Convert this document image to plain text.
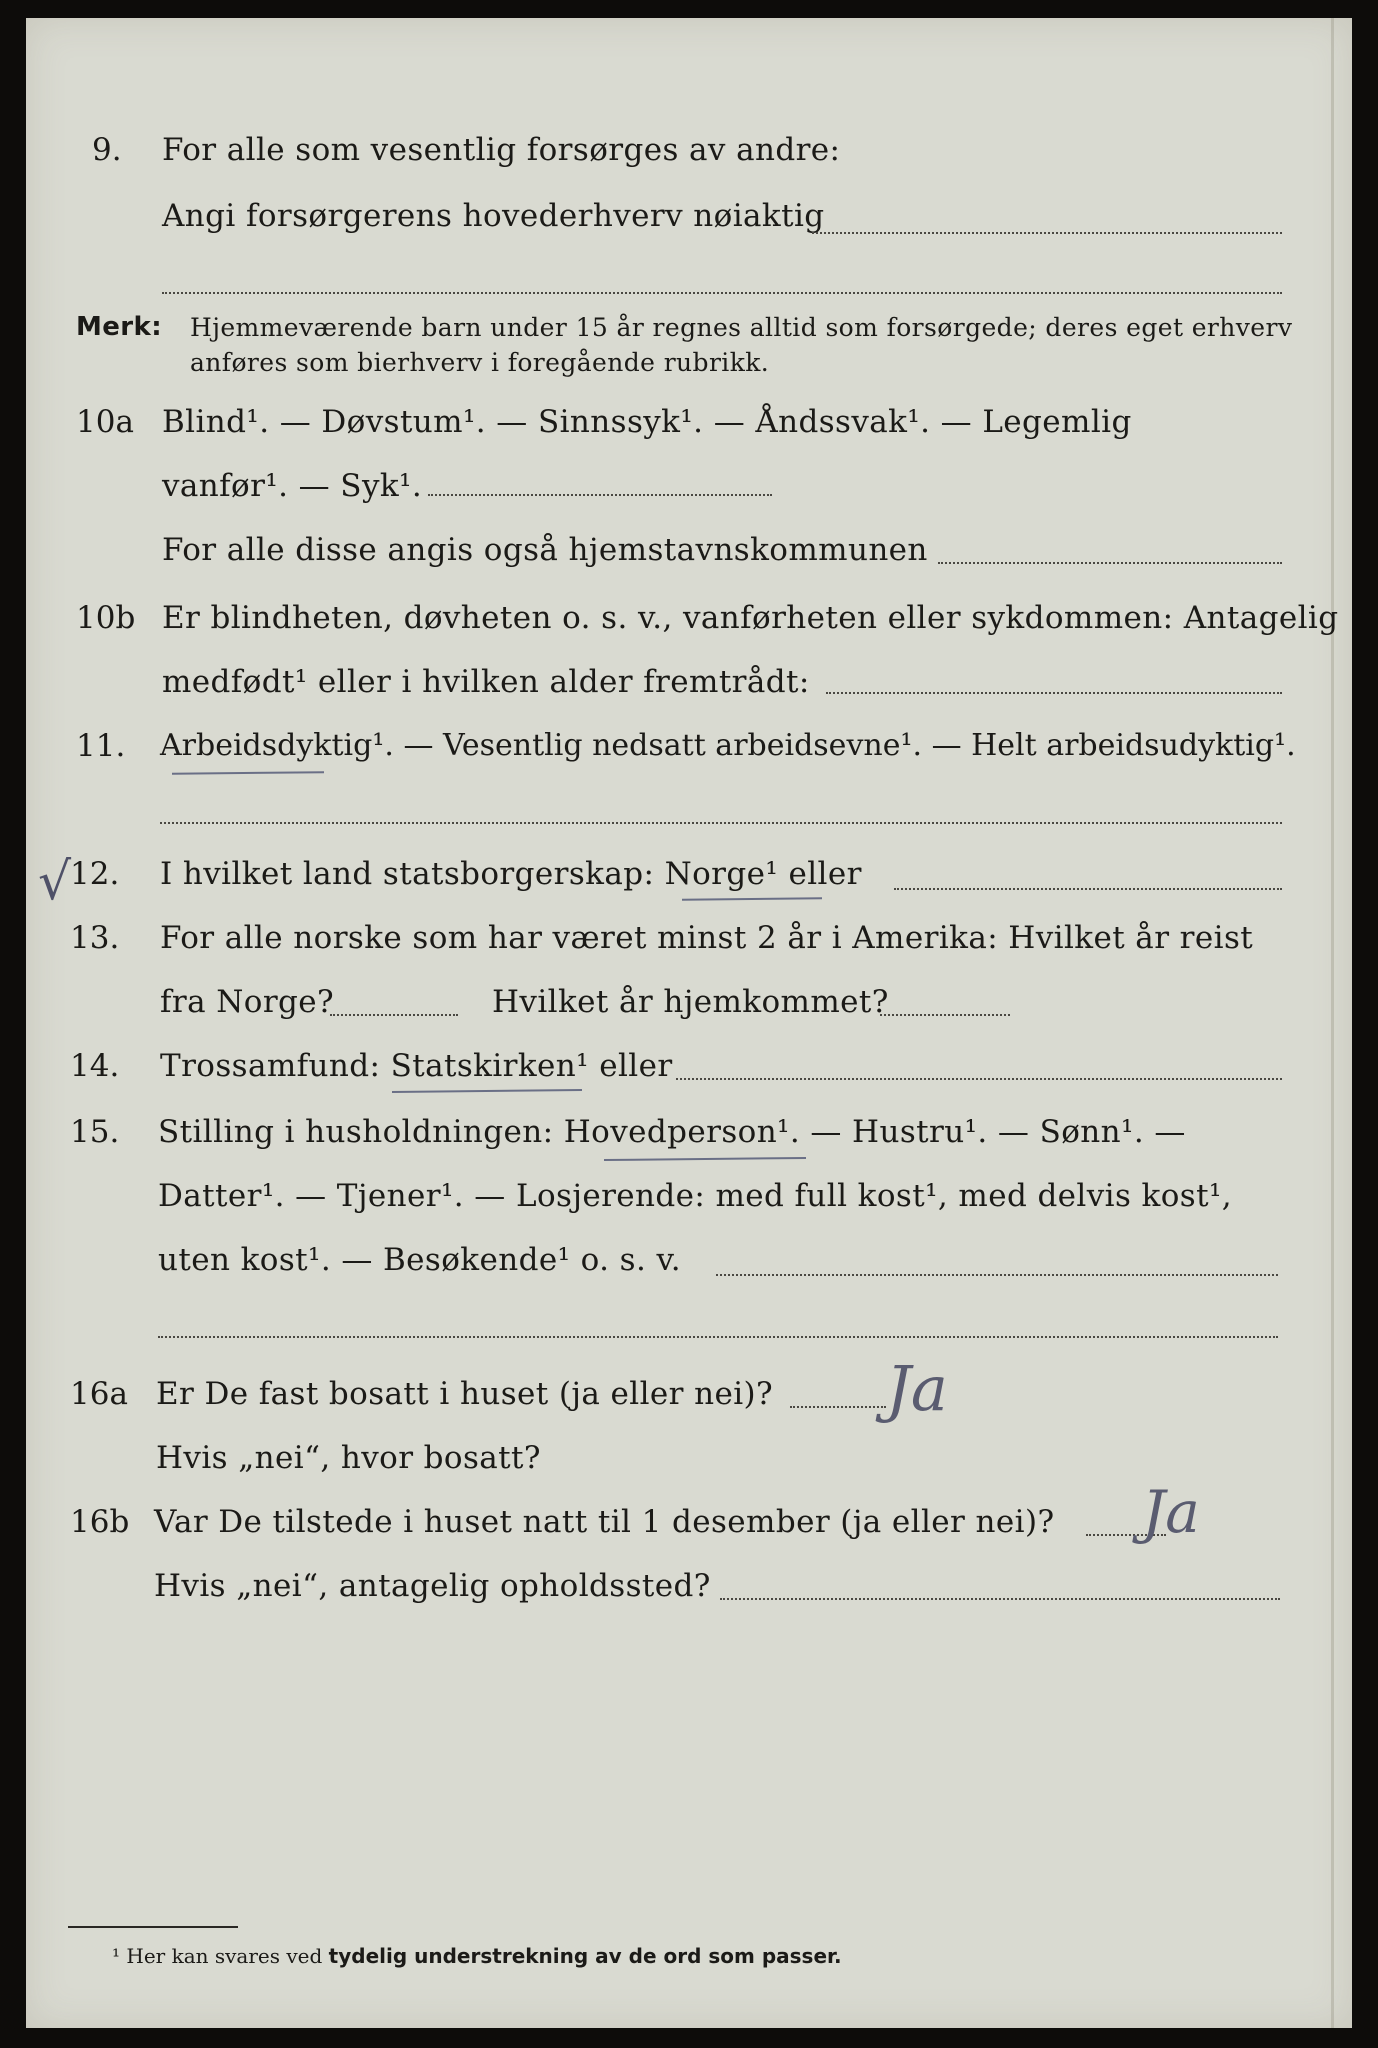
9. For alle som vesentlig forsørges av andre:
Angi forsørgerens hovederhverv nøiaktig
Merk: Hjemmeværende barn under 15 år regnes alltid som forsørgede; deres eget erhverv
anføres som bierhverv i foregående rubrikk.
10a Blind¹. — Døvstum¹. — Sinnssyk¹. — Åndssvak¹. — Legemlig
vanfør¹. — Syk¹.
For alle disse angis også hjemstavnskommunen
10b Er blindheten, døvheten o. s. v., vanførheten eller sykdommen: Antagelig
medfødt¹ eller i hvilken alder fremtrådt:
11. Arbeidsdyktig¹. — Vesentlig nedsatt arbeidsevne¹. — Helt arbeidsudyktig¹.
√
12. I hvilket land statsborgerskap: Norge¹ eller
13. For alle norske som har været minst 2 år i Amerika: Hvilket år reist
fra Norge?	Hvilket år hjemkommet?
14. Trossamfund: Statskirken¹ eller
15. Stilling i husholdningen: Hovedperson¹. — Hustru¹. — Sønn¹. —
Datter¹. — Tjener¹. — Losjerende: med full kost¹, med delvis kost¹,
uten kost¹. — Besøkende¹ o. s. v.
16a Er De fast bosatt i huset (ja eller nei)? Ja
Hvis „nei“, hvor bosatt?
16b Var De tilstede i huset natt til 1 desember (ja eller nei)? Ja
Hvis „nei“, antagelig opholdssted?
¹ Her kan svares ved tydelig understrekning av de ord som passer.
